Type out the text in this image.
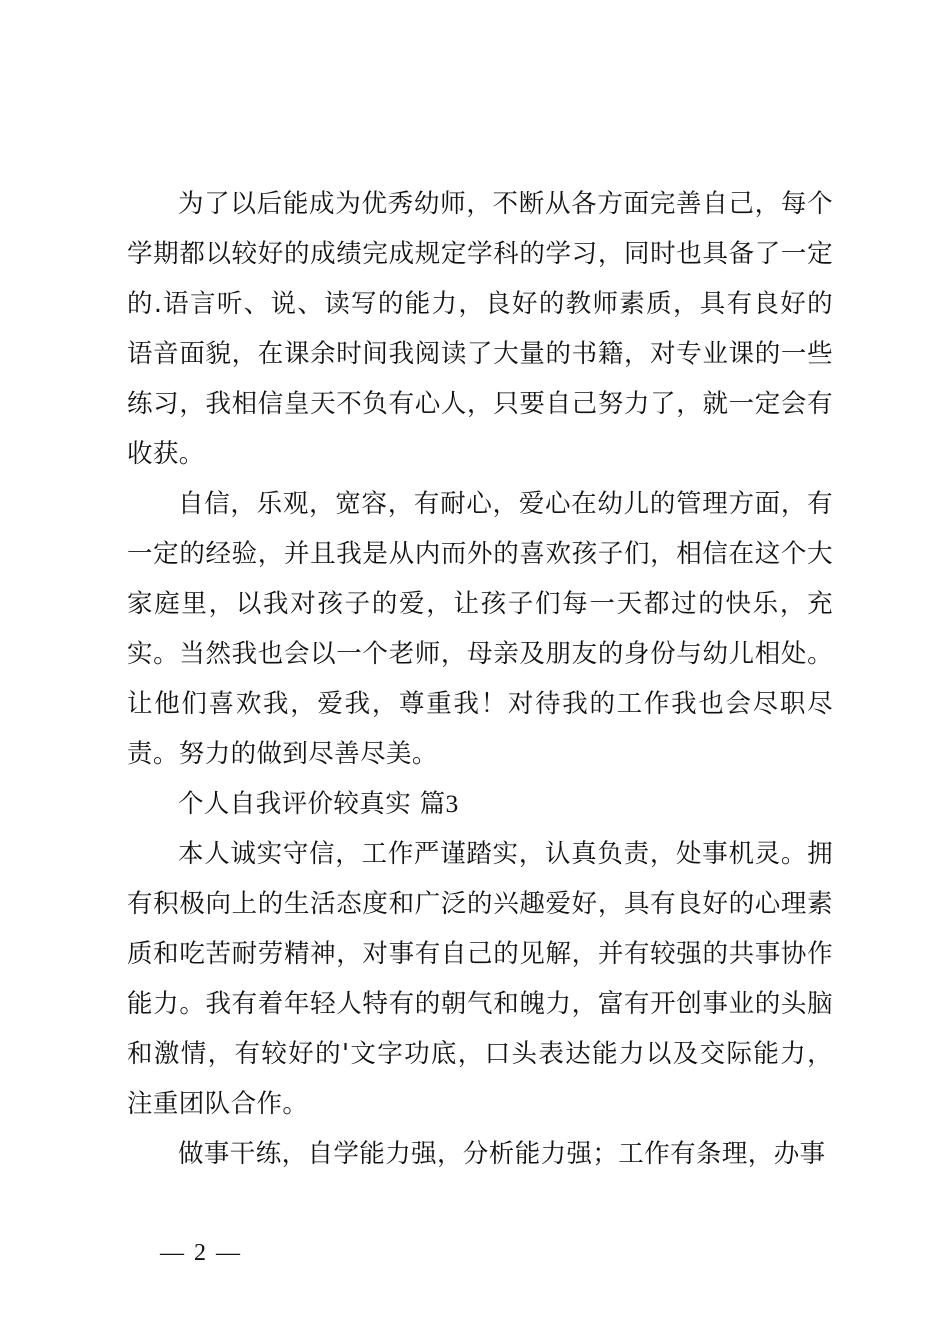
为了以后能成为优秀幼师，不断从各方面完善自己，每个学期都以较好的成绩完成规定学科的学习，同时也具备了一定的.语言听、说、读写的能力，良好的教师素质，具有良好的语音面貌，在课余时间我阅读了大量的书籍，对专业课的一些练习，我相信皇天不负有心人，只要自己努力了，就一定会有收获。

自信，乐观，宽容，有耐心，爱心在幼儿的管理方面，有一定的经验，并且我是从内而外的喜欢孩子们，相信在这个大家庭里，以我对孩子的爱，让孩子们每一天都过的快乐，充实。当然我也会以一个老师，母亲及朋友的身份与幼儿相处。让他们喜欢我，爱我，尊重我！对待我的工作我也会尽职尽责。努力的做到尽善尽美。

个人自我评价较真实 篇3

本人诚实守信，工作严谨踏实，认真负责，处事机灵。拥有积极向上的生活态度和广泛的兴趣爱好，具有良好的心理素质和吃苦耐劳精神，对事有自己的见解，并有较强的共事协作能力。我有着年轻人特有的朝气和魄力，富有开创事业的头脑和激情，有较好的'文字功底，口头表达能力以及交际能力，注重团队合作。

做事干练，自学能力强，分析能力强；工作有条理，办事

— 2 —
